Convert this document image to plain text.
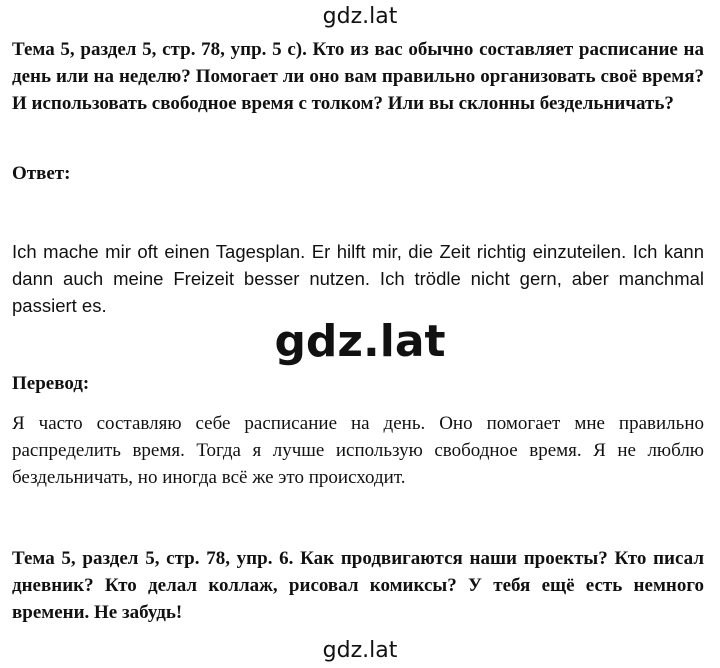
gdz.lat
Тема 5, раздел 5, стр. 78, упр. 5 с). Кто из вас обычно составляет расписание на день или на неделю? Помогает ли оно вам правильно организовать своё время? И использовать свободное время с толком? Или вы склонны бездельничать?
Ответ:
Ich mache mir oft einen Tagesplan. Er hilft mir, die Zeit richtig einzuteilen. Ich kann dann auch meine Freizeit besser nutzen. Ich trödle nicht gern, aber manchmal passiert es.
gdz.lat
Перевод:
Я часто составляю себе расписание на день. Оно помогает мне правильно распределить время. Тогда я лучше использую свободное время. Я не люблю бездельничать, но иногда всё же это происходит.
Тема 5, раздел 5, стр. 78, упр. 6. Как продвигаются наши проекты? Кто писал дневник? Кто делал коллаж, рисовал комиксы? У тебя ещё есть немного времени. Не забудь!
gdz.lat
